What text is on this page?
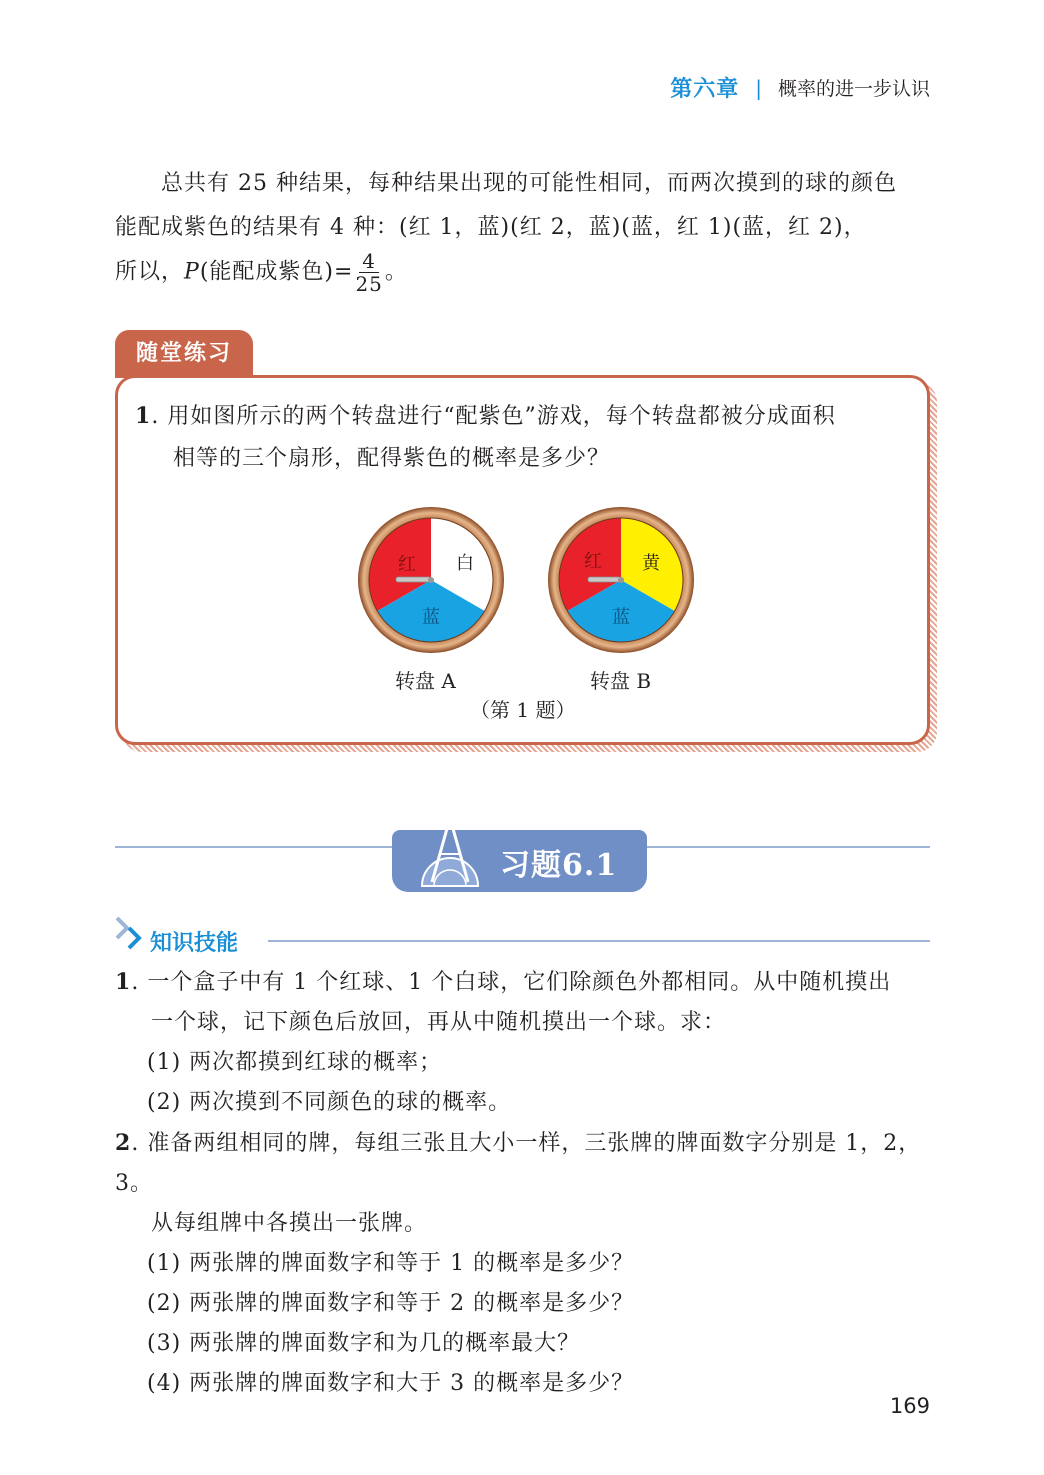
第六章 | 概率的进一步认识

总共有 25 种结果，每种结果出现的可能性相同，而两次摸到的球的颜色

能配成紫色的结果有 4 种：(红 1，蓝)(红 2，蓝)(蓝，红 1)(蓝，红 2)，

所以，P(能配成紫色)= $\frac{4}{25}$ 。

随堂练习
1. 用如图所示的两个转盘进行“配紫色”游戏，每个转盘都被分成面积
相等的三个扇形，配得紫色的概率是多少？
红 白
蓝
红 黄
蓝
转盘 A	转盘 B
（第 1 题）
习题6.1
知识技能

1. 一个盒子中有 1 个红球、1 个白球，它们除颜色外都相同。从中随机摸出

一个球，记下颜色后放回，再从中随机摸出一个球。求：

(1) 两次都摸到红球的概率；

(2) 两次摸到不同颜色的球的概率。

2. 准备两组相同的牌，每组三张且大小一样，三张牌的牌面数字分别是 1，2，3。

从每组牌中各摸出一张牌。

(1) 两张牌的牌面数字和等于 1 的概率是多少？

(2) 两张牌的牌面数字和等于 2 的概率是多少？

(3) 两张牌的牌面数字和为几的概率最大？

(4) 两张牌的牌面数字和大于 3 的概率是多少？

169
